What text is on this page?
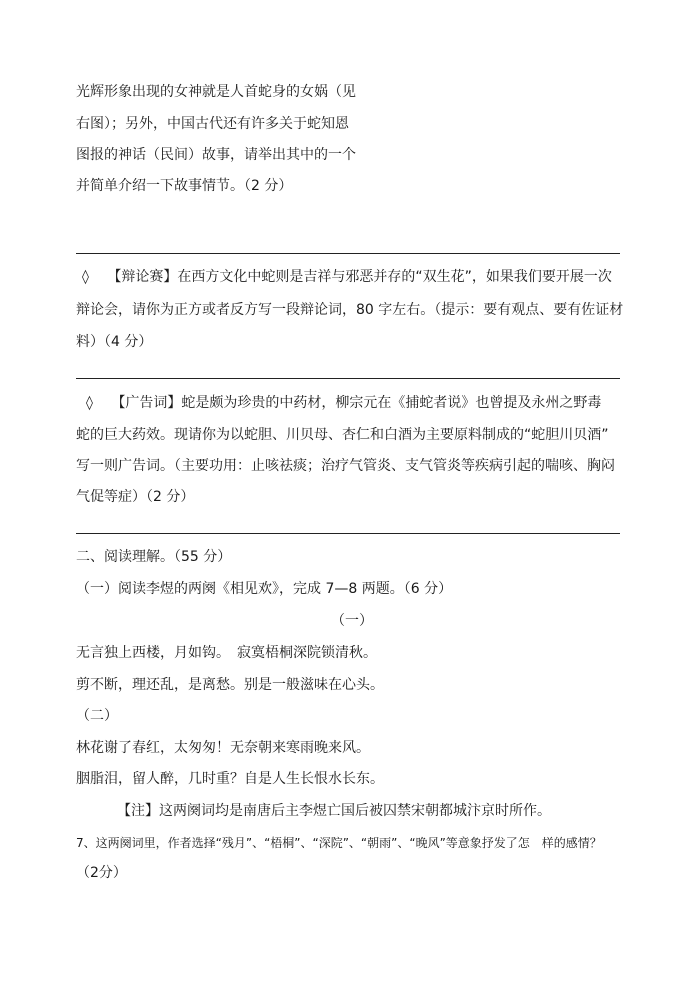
光辉形象出现的女神就是人首蛇身的女娲（见
右图）；另外，中国古代还有许多关于蛇知恩
图报的神话（民间）故事，请举出其中的一个
并简单介绍一下故事情节。（2 分）
◊　 【辩论赛】在西方文化中蛇则是吉祥与邪恶并存的“双生花”，如果我们要开展一次
辩论会，请你为正方或者反方写一段辩论词，80 字左右。（提示：要有观点、要有佐证材
料）（4 分）
◊　 【广告词】蛇是颇为珍贵的中药材，柳宗元在《捕蛇者说》也曾提及永州之野毒
蛇的巨大药效。现请你为以蛇胆、川贝母、杏仁和白酒为主要原料制成的“蛇胆川贝酒”
写一则广告词。（主要功用：止咳祛痰；治疗气管炎、支气管炎等疾病引起的喘咳、胸闷
气促等症）（2 分）
二、阅读理解。（55 分）
（一）阅读李煜的两阕《相见欢》，完成 7—8 两题。（6 分）
（一）
无言独上西楼，月如钩。　寂寞梧桐深院锁清秋。
剪不断，理还乱，是离愁。别是一般滋味在心头。
（二）
林花谢了春红，太匆匆！无奈朝来寒雨晚来风。
胭脂泪，留人醉，几时重？自是人生长恨水长东。
【注】这两阕词均是南唐后主李煜亡国后被囚禁宋朝都城汴京时所作。
7、这两阕词里，作者选择“残月”、“梧桐”、“深院”、“朝雨”、“晚风”等意象抒发了怎　样的感情？
（2分）
